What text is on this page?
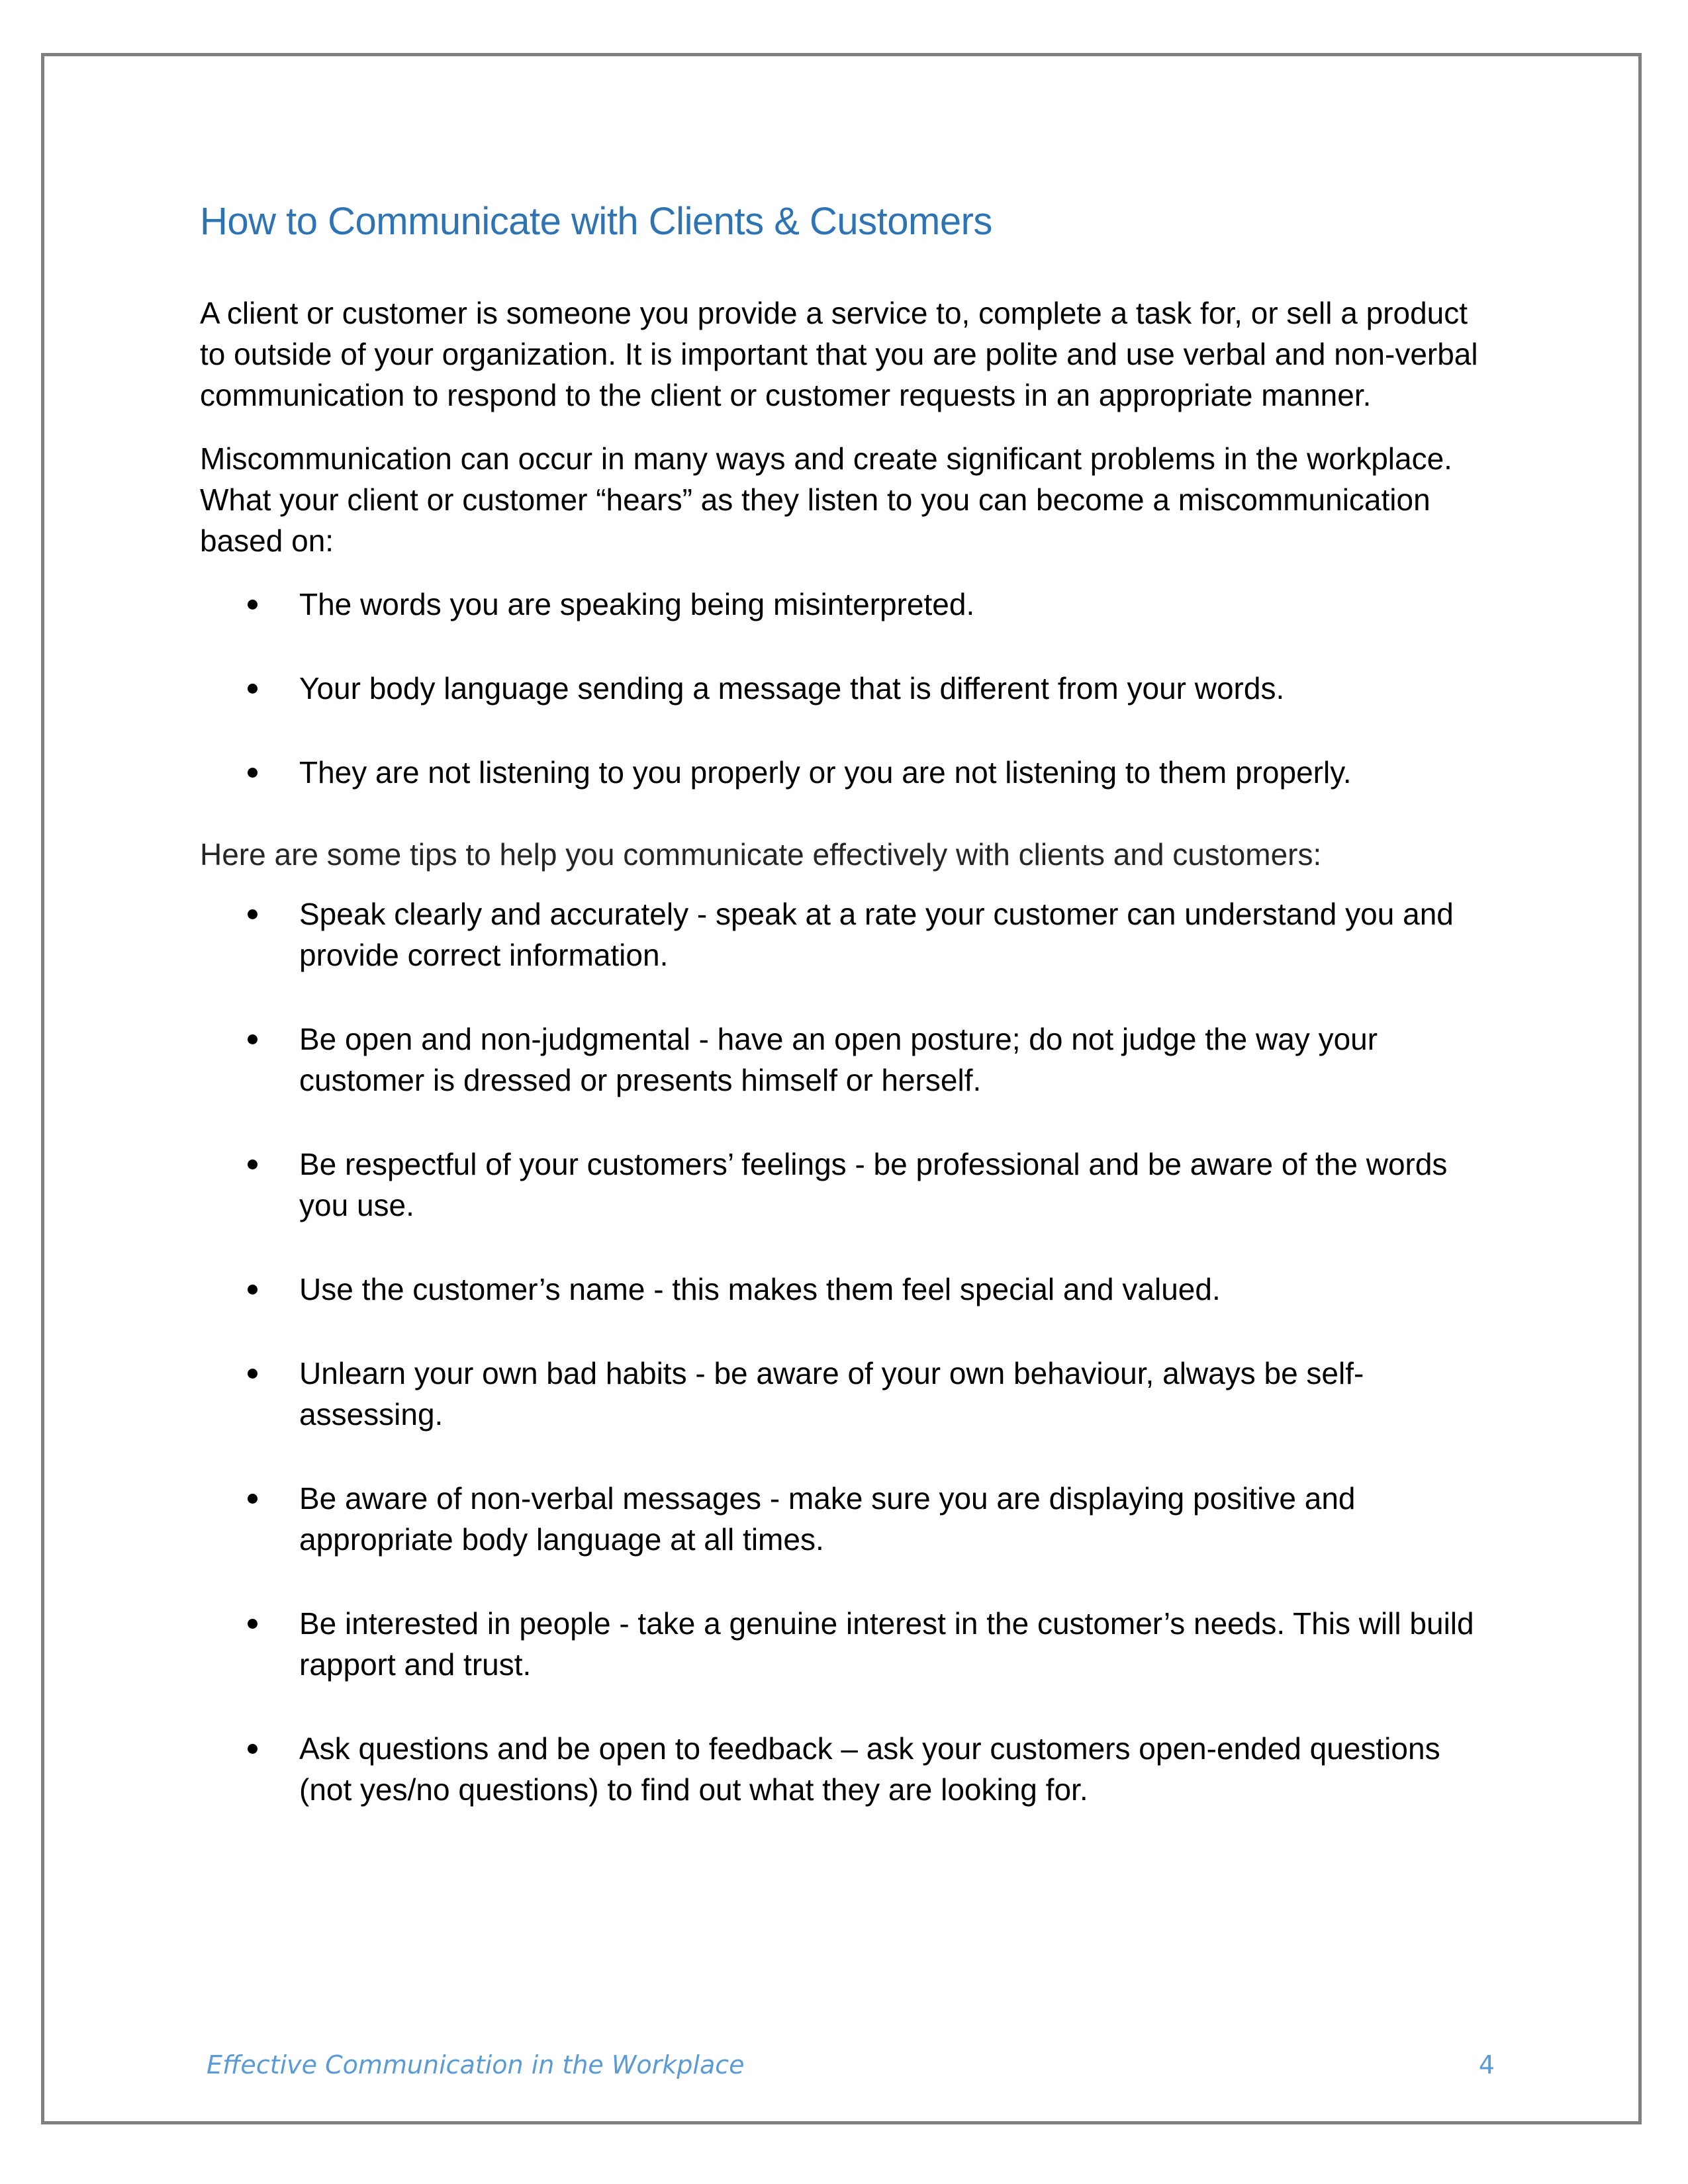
How to Communicate with Clients & Customers

A client or customer is someone you provide a service to, complete a task for, or sell a product to outside of your organization. It is important that you are polite and use verbal and non-verbal communication to respond to the client or customer requests in an appropriate manner.

Miscommunication can occur in many ways and create significant problems in the workplace. What your client or customer “hears” as they listen to you can become a miscommunication based on:

The words you are speaking being misinterpreted.
Your body language sending a message that is different from your words.
They are not listening to you properly or you are not listening to them properly.

Here are some tips to help you communicate effectively with clients and customers:

Speak clearly and accurately - speak at a rate your customer can understand you and provide correct information.
Be open and non-judgmental - have an open posture; do not judge the way your customer is dressed or presents himself or herself.
Be respectful of your customers’ feelings - be professional and be aware of the words you use.
Use the customer’s name - this makes them feel special and valued.
Unlearn your own bad habits - be aware of your own behaviour, always be self-assessing.
Be aware of non-verbal messages - make sure you are displaying positive and appropriate body language at all times.
Be interested in people - take a genuine interest in the customer’s needs. This will build rapport and trust.
Ask questions and be open to feedback – ask your customers open-ended questions (not yes/no questions) to find out what they are looking for.
Effective Communication in the Workplace	4
